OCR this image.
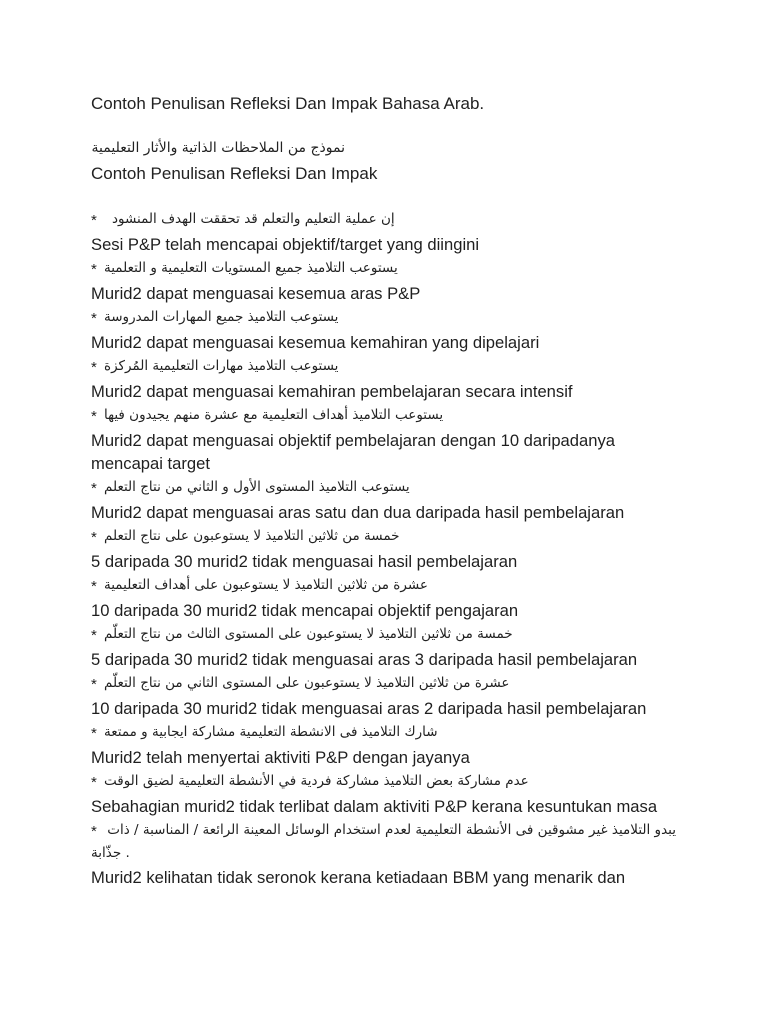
Contoh Penulisan Refleksi Dan Impak Bahasa Arab.
نموذج من الملاحظات الذاتية والأثار التعليمية
Contoh Penulisan Refleksi Dan Impak
* إن عملية التعليم والتعلم قد تحققت الهدف المنشود
Sesi P&P telah mencapai objektif/target yang diingini
* يستوعب التلاميذ جميع المستويات التعليمية و التعلمية
Murid2 dapat menguasai kesemua aras P&P
* يستوعب التلاميذ جميع المهارات المدروسة
Murid2 dapat menguasai kesemua kemahiran yang dipelajari
* يستوعب التلاميذ مهارات التعليمية المُركزة
Murid2 dapat menguasai kemahiran pembelajaran secara intensif
* يستوعب التلاميذ أهداف التعليمية مع عشرة منهم يجيدون فيها
Murid2 dapat menguasai objektif pembelajaran dengan 10 daripadanya mencapai target
* يستوعب التلاميذ المستوى الأول و الثاني من نتاج التعلم
Murid2 dapat menguasai aras satu dan dua daripada hasil pembelajaran
* خمسة من ثلاثين التلاميذ لا يستوعبون على نتاج التعلم
5 daripada 30 murid2 tidak menguasai hasil pembelajaran
* عشرة من ثلاثين التلاميذ لا يستوعبون على أهداف التعليمية
10 daripada 30 murid2 tidak mencapai objektif pengajaran
* خمسة من ثلاثين التلاميذ لا يستوعبون على المستوى الثالث من نتاج التعلّم
5 daripada 30 murid2 tidak menguasai aras 3 daripada hasil pembelajaran
* عشرة من ثلاثين التلاميذ لا يستوعبون على المستوى الثاني من نتاج التعلّم
10 daripada 30 murid2 tidak menguasai aras 2 daripada hasil pembelajaran
* شارك التلاميذ فى الانشطة التعليمية مشاركة ايجابية و ممتعة
Murid2 telah menyertai aktiviti P&P dengan jayanya
* عدم مشاركة بعض التلاميذ مشاركة فردية في الأنشطة التعليمية لضيق الوقت
Sebahagian murid2 tidak terlibat dalam aktiviti P&P kerana kesuntukan masa
* يبدو التلاميذ غير مشوقين فى الأنشطة التعليمية لعدم استخدام الوسائل المعينة الرائعة / المناسبة / ذات
. جذّابة
Murid2 kelihatan tidak seronok kerana ketiadaan BBM yang menarik dan
